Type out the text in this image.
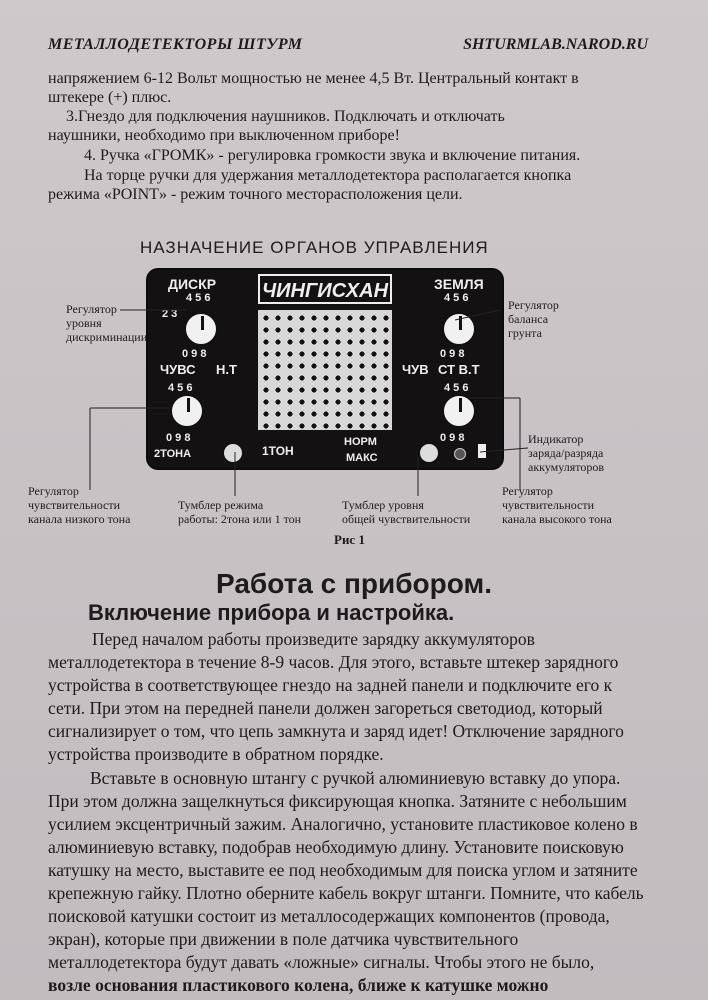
МЕТАЛЛОДЕТЕКТОРЫ ШТУРМ	SHTURMLAB.NAROD.RU
напряжением 6-12 Вольт мощностью не менее 4,5 Вт. Центральный контакт в
штекере (+) плюс.
3.Гнездо для подключения наушников. Подключать и отключать
наушники, необходимо при выключенном приборе!
4. Ручка «ГРОМК» - регулировка громкости звука и включение питания.
На торце ручки для удержания металлодетектора располагается кнопка
режима «POINT» - режим точного месторасположения цели.
НАЗНАЧЕНИЕ ОРГАНОВ УПРАВЛЕНИЯ
ДИСКР
4 5 6
2 3
0 9 8
ЧУВС Н.Т
4 5 6
0 9 8
2ТОНА
ЧИНГИСХАН
1ТОН
НОРМ
МАКС
ЗЕМЛЯ
4 5 6
0 9 8
ЧУВ СТ В.Т
4 5 6
0 9 8
Регулятор
уровня
дискриминации
Регулятор
баланса
грунта
Индикатор
заряда/разряда
аккумуляторов
Регулятор
чувствительности
канала низкого тона
Тумблер режима
работы: 2тона или 1 тон
Тумблер уровня
общей чувствительности
Регулятор
чувствительности
канала высокого тона
Рис 1
Работа с прибором.
Включение прибора и настройка.
Перед началом работы произведите зарядку аккумуляторов
металлодетектора в течение 8-9 часов. Для этого, вставьте штекер зарядного
устройства в соответствующее гнездо на задней панели и подключите его к
сети. При этом на передней панели должен загореться светодиод, который
сигнализирует о том, что цепь замкнута и заряд идет! Отключение зарядного
устройства производите в обратном порядке.
Вставьте в основную штангу с ручкой алюминиевую вставку до упора.
При этом должна защелкнуться фиксирующая кнопка. Затяните с небольшим
усилием эксцентричный зажим. Аналогично, установите пластиковое колено в
алюминиевую вставку, подобрав необходимую длину. Установите поисковую
катушку на место, выставите ее под необходимым для поиска углом и затяните
крепежную гайку. Плотно оберните кабель вокруг штанги. Помните, что кабель
поисковой катушки состоит из металлосодержащих компонентов (провода,
экран), которые при движении в поле датчика чувствительного
металлодетектора будут давать «ложные» сигналы. Чтобы этого не было,
возле основания пластикового колена, ближе к катушке можно
